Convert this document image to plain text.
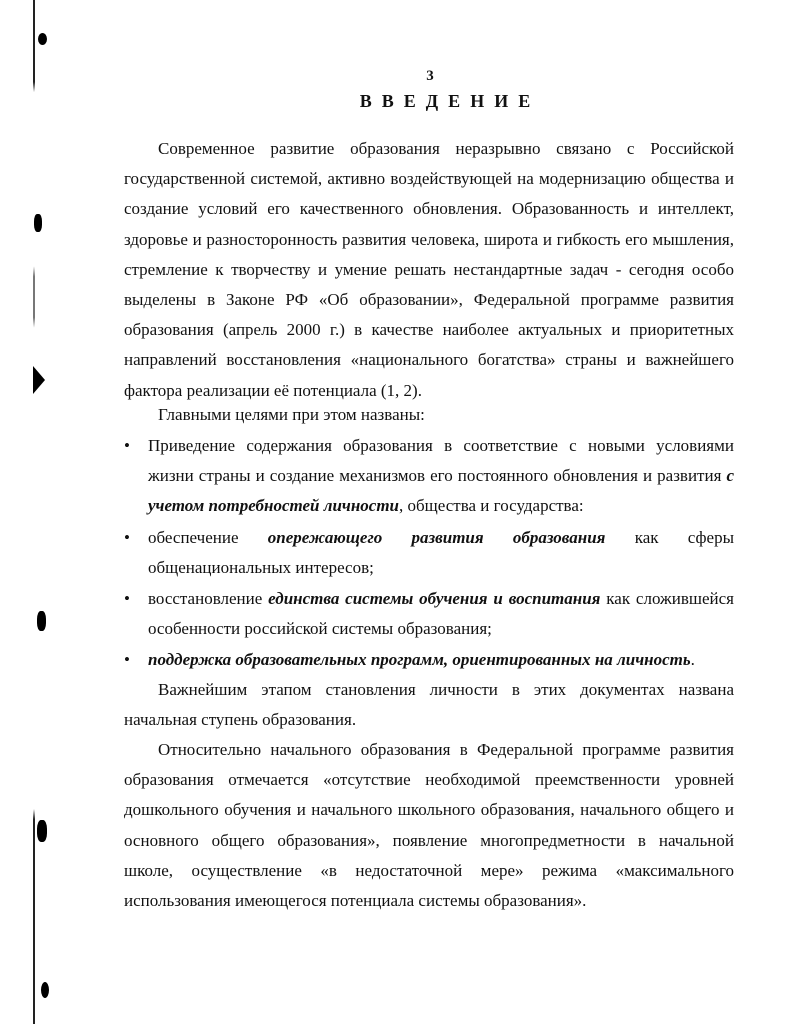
3
ВВЕДЕНИЕ
Современное развитие образования неразрывно связано с Российской государственной системой, активно воздействующей на модернизацию общества и создание условий его качественного обновления. Образованность и интеллект, здоровье и разносторонность развития человека, широта и гибкость его мышления, стремление к творчеству и умение решать нестандартные задач - сегодня особо выделены в Законе РФ «Об образовании», Федеральной программе развития образования (апрель 2000 г.) в качестве наиболее актуальных и приоритетных направлений восстановления «национального богатства» страны и важнейшего фактора реализации её потенциала (1, 2).
Главными целями при этом названы:
• Приведение содержания образования в соответствие с новыми условиями жизни страны и создание механизмов его постоянного обновления и развития с учетом потребностей личности, общества и государства:
• обеспечение опережающего развития образования как сферы общенациональных интересов;
• восстановление единства системы обучения и воспитания как сложившейся особенности российской системы образования;
• поддержка образовательных программ, ориентированных на личность.
Важнейшим этапом становления личности в этих документах названа начальная ступень образования.
Относительно начального образования в Федеральной программе развития образования отмечается «отсутствие необходимой преемственности уровней дошкольного обучения и начального школьного образования, начального общего и основного общего образования», появление многопредметности в начальной школе, осуществление «в недостаточной мере» режима «максимального использования имеющегося потенциала системы образования».
